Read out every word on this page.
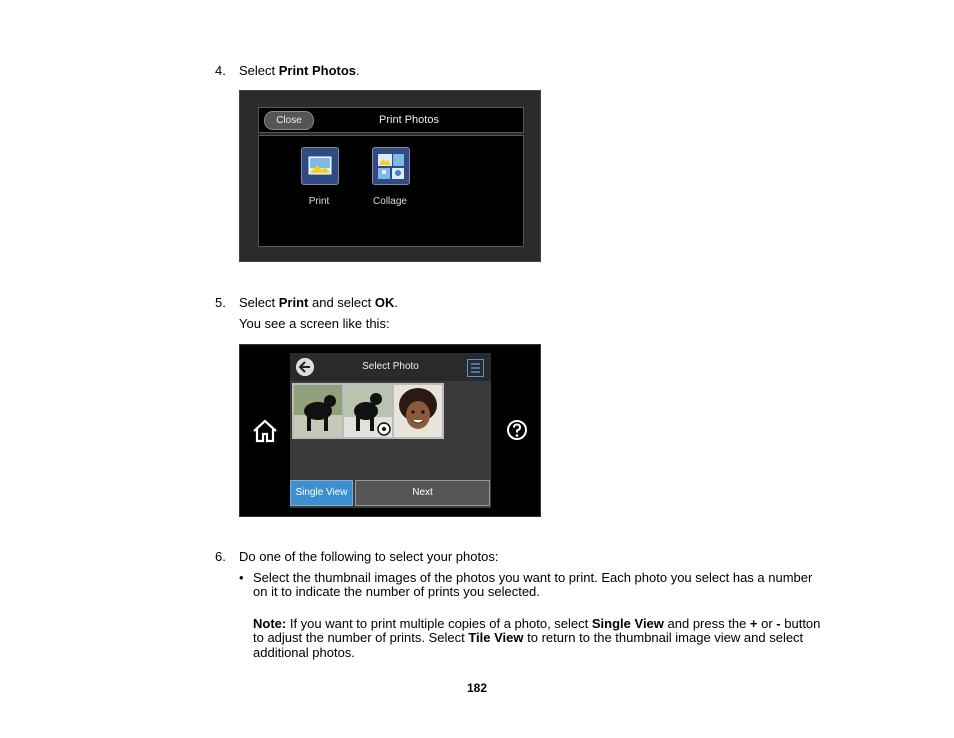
4. Select Print Photos.
Close	Print Photos
Print	Collage
5. Select Print and select OK.
You see a screen like this:
Select Photo
Single View	Next
6. Do one of the following to select your photos:
• Select the thumbnail images of the photos you want to print. Each photo you select has a number
on it to indicate the number of prints you selected.
Note: If you want to print multiple copies of a photo, select Single View and press the + or - button
to adjust the number of prints. Select Tile View to return to the thumbnail image view and select
additional photos.
182
